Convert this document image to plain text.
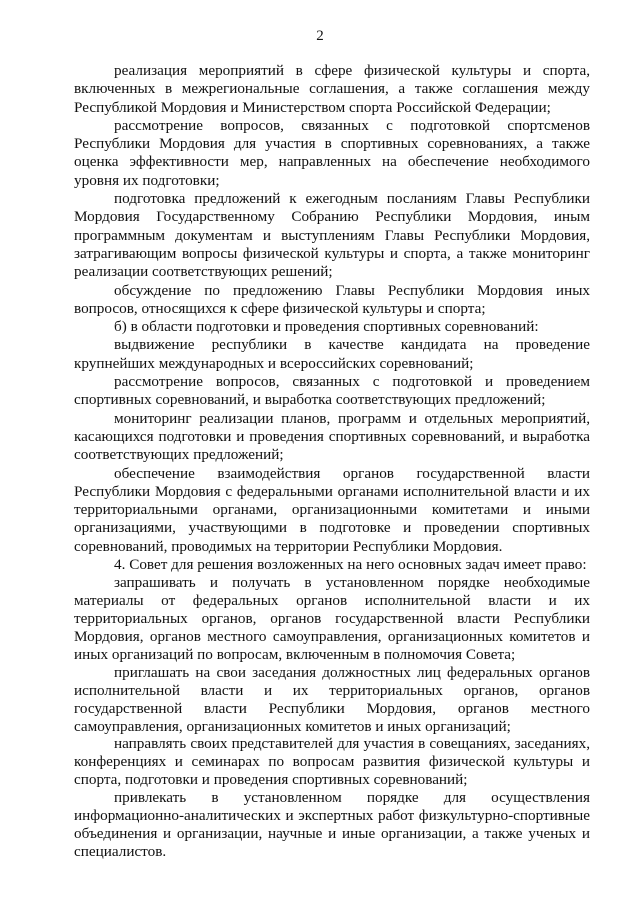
2

реализация мероприятий в сфере физической культуры и спорта, включенных в межрегиональные соглашения, а также соглашения между Республикой Мордовия и Министерством спорта Российской Федерации;

рассмотрение вопросов, связанных с подготовкой спортсменов Республики Мордовия для участия в спортивных соревнованиях, а также оценка эффективности мер, направленных на обеспечение необходимого уровня их подготовки;

подготовка предложений к ежегодным посланиям Главы Республики Мордовия Государственному Собранию Республики Мордовия, иным программным документам и выступлениям Главы Республики Мордовия, затрагивающим вопросы физической культуры и спорта, а также мониторинг реализации соответствующих решений;

обсуждение по предложению Главы Республики Мордовия иных вопросов, относящихся к сфере физической культуры и спорта;

б) в области подготовки и проведения спортивных соревнований:

выдвижение республики в качестве кандидата на проведение крупнейших международных и всероссийских соревнований;

рассмотрение вопросов, связанных с подготовкой и проведением спортивных соревнований, и выработка соответствующих предложений;

мониторинг реализации планов, программ и отдельных мероприятий, касающихся подготовки и проведения спортивных соревнований, и выработка соответствующих предложений;

обеспечение взаимодействия органов государственной власти Республики Мордовия с федеральными органами исполнительной власти и их территориальными органами, организационными комитетами и иными организациями, участвующими в подготовке и проведении спортивных соревнований, проводимых на территории Республики Мордовия.

4. Совет для решения возложенных на него основных задач имеет право:

запрашивать и получать в установленном порядке необходимые материалы от федеральных органов исполнительной власти и их территориальных органов, органов государственной власти Республики Мордовия, органов местного самоуправления, организационных комитетов и иных организаций по вопросам, включенным в полномочия Совета;

приглашать на свои заседания должностных лиц федеральных органов исполнительной власти и их территориальных органов, органов государственной власти Республики Мордовия, органов местного самоуправления, организационных комитетов и иных организаций;

направлять своих представителей для участия в совещаниях, заседаниях, конференциях и семинарах по вопросам развития физической культуры и спорта, подготовки и проведения спортивных соревнований;

привлекать в установленном порядке для осуществления информационно-аналитических и экспертных работ физкультурно-спортивные объединения и организации, научные и иные организации, а также ученых и специалистов.
